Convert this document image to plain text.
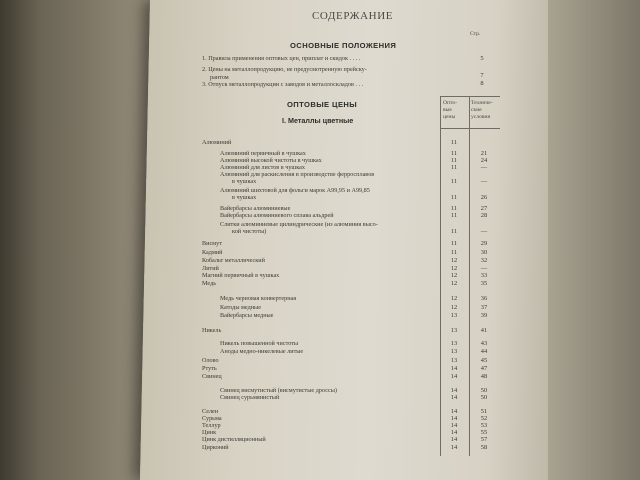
СОДЕРЖАНИЕ
Стр.
ОСНОВНЫЕ ПОЛОЖЕНИЯ
1. Правила применения оптовых цен, приплат и скидок . . . .	5
2. Цены на металлопродукцию, не предусмотренную прейску-
рантом	7
3. Отпуск металлопродукции с заводов и металлоскладов . . .	8
ОПТОВЫЕ ЦЕНЫ	Опто-
вые
цены
Техниче-
ские
условия
I. Металлы цветные
Алюминий	11
Алюминий первичный в чушках	11	21
Алюминий высокой чистоты в чушках	11	24
Алюминий для листов в чушках	11	—
Алюминий для раскисления в производстве ферросплавов
в чушках	11	—
Алюминий шихтовой для фольги марок А99,95 и А99,85
в чушках	11	26
Вайербарсы алюминиевые	11	27
Вайербарсы алюминиевого сплава альдрей	11	28
Слитки алюминиевые цилиндрические (из алюминия высо-
кой чистоты)	11	—
Висмут	11	29
Кадмий	11	30
Кобальт металлический	12	32
Литий	12	—
Магний первичный в чушках	12	33
Медь	12	35
Медь черновая конвертерная	12	36
Катоды медные	12	37
Вайербарсы медные	13	39
Никель	13	41
Никель повышенной чистоты	13	43
Аноды медно-никелевые литые	13	44
Олово	13	45
Ртуть	14	47
Свинец	14	48
Свинец висмутистый (висмутистые дроссы)	14	50
Свинец сурьмянистый	14	50
Селен	14	51
Сурьма	14	52
Теллур	14	53
Цинк	14	55
Цинк дистилляционный	14	57
Цирконий	14	58
